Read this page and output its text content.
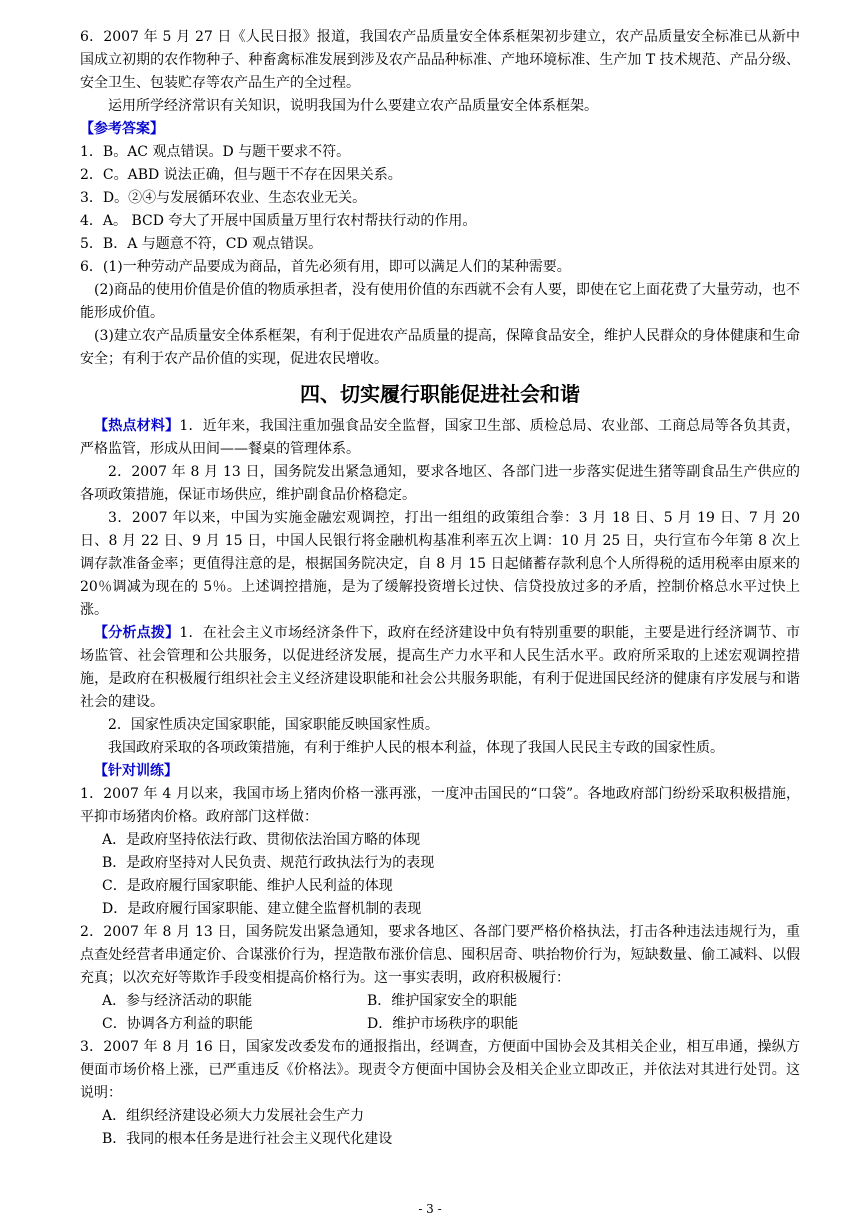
6．2007 年 5 月 27 日《人民日报》报道，我国农产品质量安全体系框架初步建立，农产品质量安全标准已从新中国成立初期的农作物种子、种畜禽标准发展到涉及农产品品种标准、产地环境标准、生产加 T 技术规范、产品分级、安全卫生、包装贮存等农产品生产的全过程。

运用所学经济常识有关知识，说明我国为什么要建立农产品质量安全体系框架。

【参考答案】

1．B。AC 观点错误。D 与题干要求不符。

2．C。ABD 说法正确，但与题干不存在因果关系。

3．D。②④与发展循环农业、生态农业无关。

4．A。 BCD 夸大了开展中国质量万里行农村帮扶行动的作用。

5．B．A 与题意不符，CD 观点错误。

6．(1)一种劳动产品要成为商品，首先必须有用，即可以满足人们的某种需要。

(2)商品的使用价值是价值的物质承担者，没有使用价值的东西就不会有人要，即使在它上面花费了大量劳动，也不能形成价值。

(3)建立农产品质量安全体系框架，有利于促进农产品质量的提高，保障食品安全，维护人民群众的身体健康和生命安全；有利于农产品价值的实现，促进农民增收。

四、切实履行职能促进社会和谐

【热点材料】1．近年来，我国注重加强食品安全监督，国家卫生部、质检总局、农业部、工商总局等各负其责，严格监管，形成从田间——餐桌的管理体系。

2．2007 年 8 月 13 日，国务院发出紧急通知，要求各地区、各部门进一步落实促进生猪等副食品生产供应的各项政策措施，保证市场供应，维护副食品价格稳定。

3．2007 年以来，中国为实施金融宏观调控，打出一组组的政策组合拳：3 月 18 日、5 月 19 日、7 月 20 日、8 月 22 日、9 月 15 日，中国人民银行将金融机构基准利率五次上调：10 月 25 日，央行宣布今年第 8 次上调存款准备金率；更值得注意的是，根据国务院决定，自 8 月 15 日起储蓄存款利息个人所得税的适用税率由原来的 20％调减为现在的 5％。上述调控措施，是为了缓解投资增长过快、信贷投放过多的矛盾，控制价格总水平过快上涨。

【分析点拨】1．在社会主义市场经济条件下，政府在经济建设中负有特别重要的职能，主要是进行经济调节、市场监管、社会管理和公共服务，以促进经济发展，提高生产力水平和人民生活水平。政府所采取的上述宏观调控措施，是政府在积极履行组织社会主义经济建设职能和社会公共服务职能，有利于促进国民经济的健康有序发展与和谐社会的建设。

2．国家性质决定国家职能，国家职能反映国家性质。

我国政府采取的各项政策措施，有利于维护人民的根本利益，体现了我国人民民主专政的国家性质。

【针对训练】

1．2007 年 4 月以来，我国市场上猪肉价格一涨再涨，一度冲击国民的“口袋”。各地政府部门纷纷采取积极措施，平抑市场猪肉价格。政府部门这样做：

A．是政府坚持依法行政、贯彻依法治国方略的体现

B．是政府坚持对人民负责、规范行政执法行为的表现

C．是政府履行国家职能、维护人民利益的体现

D．是政府履行国家职能、建立健全监督机制的表现

2．2007 年 8 月 13 日，国务院发出紧急通知，要求各地区、各部门要严格价格执法，打击各种违法违规行为，重点查处经营者串通定价、合谋涨价行为，捏造散布涨价信息、囤积居奇、哄抬物价行为，短缺数量、偷工减料、以假充真；以次充好等欺诈手段变相提高价格行为。这一事实表明，政府积极履行：

A．参与经济活动的职能	B．维护国家安全的职能
C．协调各方利益的职能	D．维护市场秩序的职能

3．2007 年 8 月 16 日，国家发改委发布的通报指出，经调查，方便面中国协会及其相关企业，相互串通，操纵方便面市场价格上涨，已严重违反《价格法》。现责令方便面中国协会及相关企业立即改正，并依法对其进行处罚。这说明：

A．组织经济建设必须大力发展社会生产力

B．我同的根本任务是进行社会主义现代化建设

- 3 -
